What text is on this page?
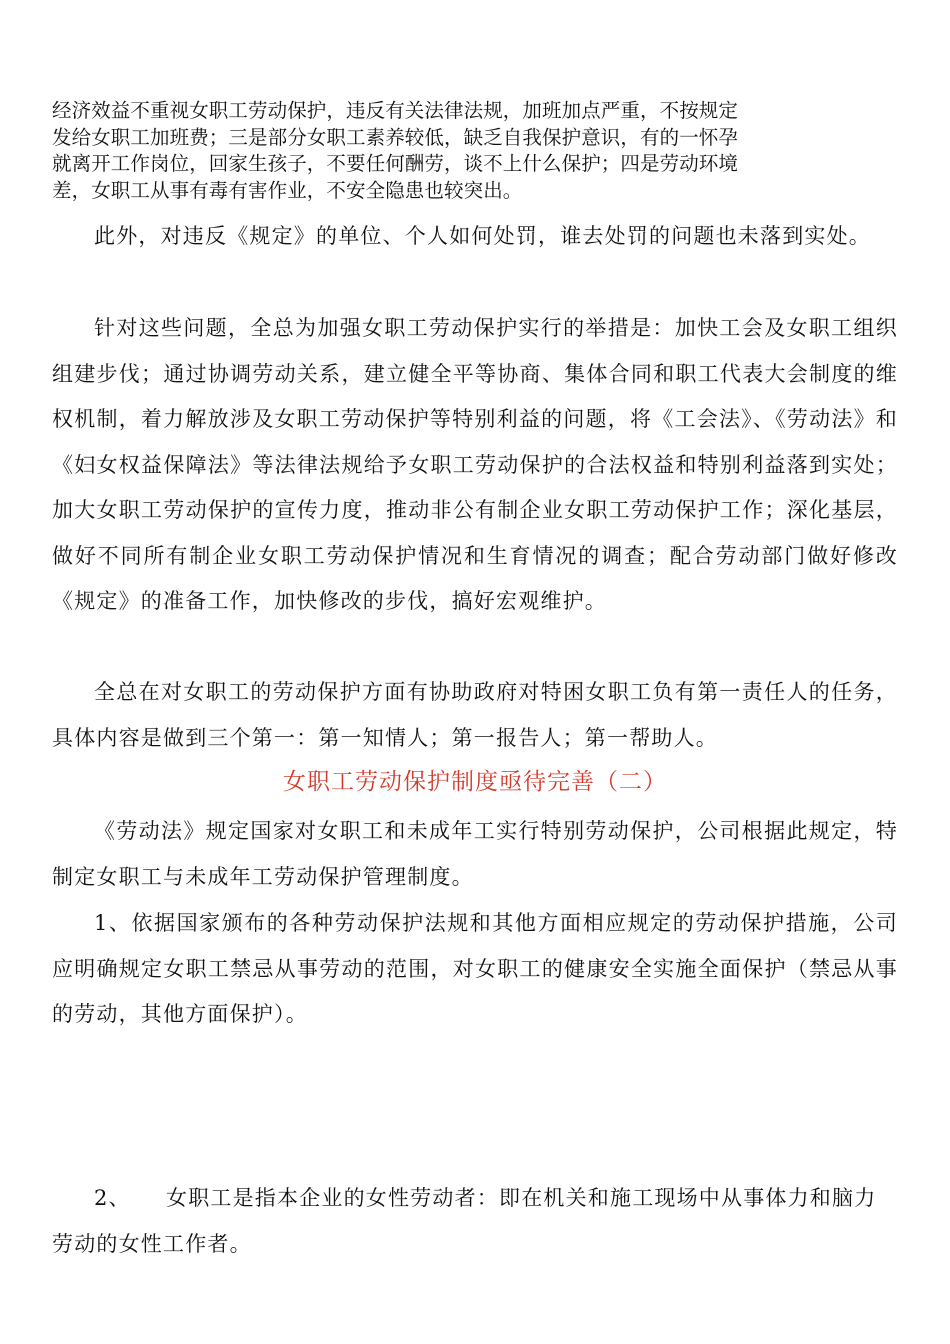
经济效益不重视女职工劳动保护，违反有关法律法规，加班加点严重，不按规定
发给女职工加班费；三是部分女职工素养较低，缺乏自我保护意识，有的一怀孕
就离开工作岗位，回家生孩子，不要任何酬劳，谈不上什么保护；四是劳动环境
差，女职工从事有毒有害作业，不安全隐患也较突出。

此外，对违反《规定》的单位、个人如何处罚，谁去处罚的问题也未落到实处。

针对这些问题，全总为加强女职工劳动保护实行的举措是：加快工会及女职工组织组建步伐；通过协调劳动关系，建立健全平等协商、集体合同和职工代表大会制度的维权机制，着力解放涉及女职工劳动保护等特别利益的问题，将《工会法》、《劳动法》和《妇女权益保障法》等法律法规给予女职工劳动保护的合法权益和特别利益落到实处；加大女职工劳动保护的宣传力度，推动非公有制企业女职工劳动保护工作；深化基层，做好不同所有制企业女职工劳动保护情况和生育情况的调查；配合劳动部门做好修改《规定》的准备工作，加快修改的步伐，搞好宏观维护。

全总在对女职工的劳动保护方面有协助政府对特困女职工负有第一责任人的任务，具体内容是做到三个第一：第一知情人；第一报告人；第一帮助人。

女职工劳动保护制度亟待完善（二）

《劳动法》规定国家对女职工和未成年工实行特别劳动保护，公司根据此规定，特制定女职工与未成年工劳动保护管理制度。

1、依据国家颁布的各种劳动保护法规和其他方面相应规定的劳动保护措施，公司应明确规定女职工禁忌从事劳动的范围，对女职工的健康安全实施全面保护（禁忌从事的劳动，其他方面保护）。

2、 女职工是指本企业的女性劳动者：即在机关和施工现场中从事体力和脑力劳动的女性工作者。
